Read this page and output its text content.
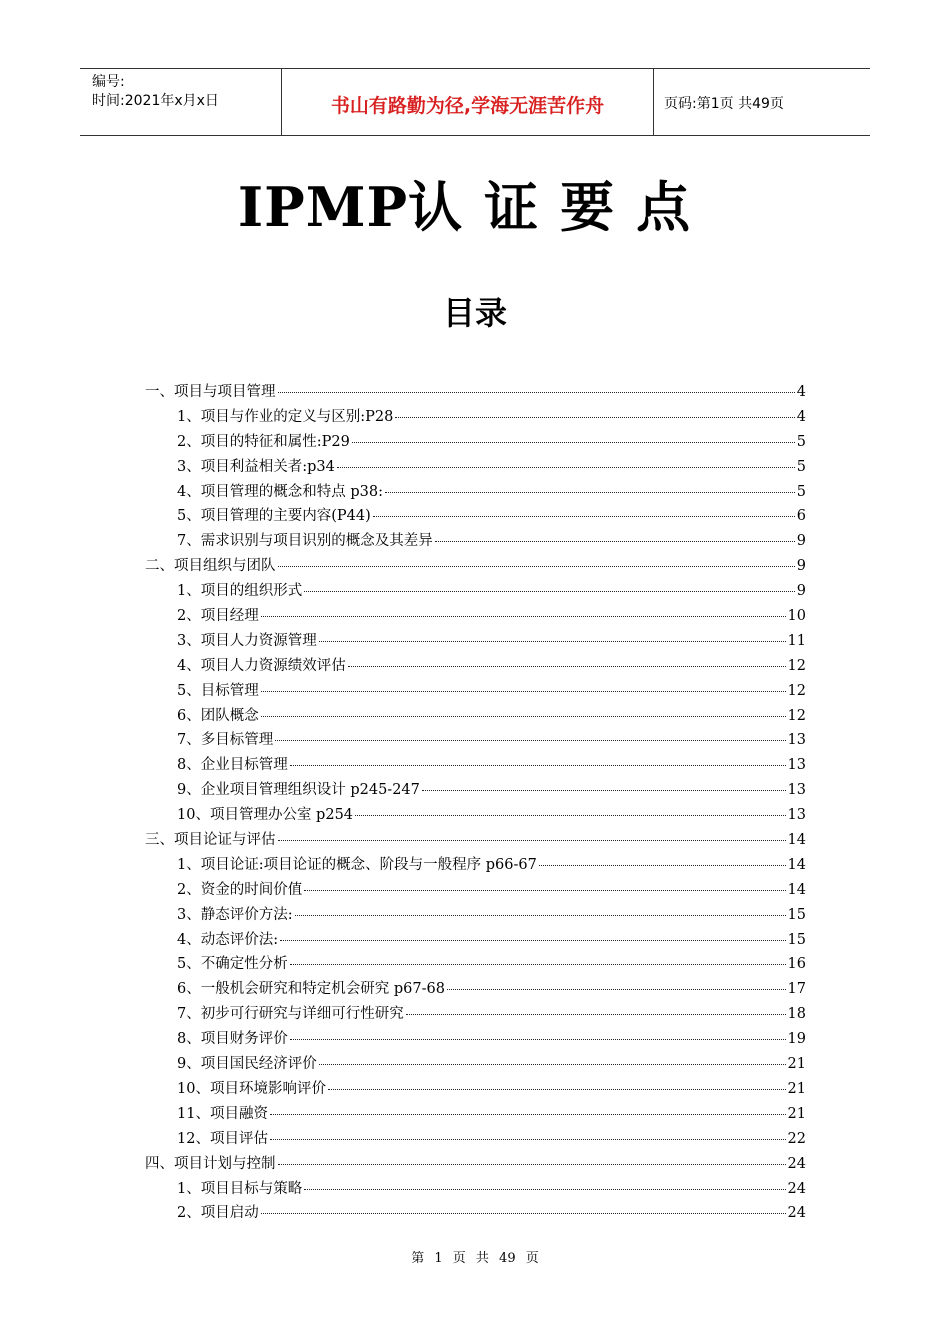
编号:
时间:2021年x月x日	书山有路勤为径,学海无涯苦作舟	页码:第1页 共49页
IPMP认证要点
目录
一、项目与项目管理	4
1、项目与作业的定义与区别:P28	4
2、项目的特征和属性:P29	5
3、项目利益相关者:p34	5
4、项目管理的概念和特点 p38:	5
5、项目管理的主要内容(P44)	6
7、需求识别与项目识别的概念及其差异	9
二、项目组织与团队	9
1、项目的组织形式	9
2、项目经理	10
3、项目人力资源管理	11
4、项目人力资源绩效评估	12
5、目标管理	12
6、团队概念	12
7、多目标管理	13
8、企业目标管理	13
9、企业项目管理组织设计 p245-247	13
10、项目管理办公室 p254	13
三、项目论证与评估	14
1、项目论证:项目论证的概念、阶段与一般程序 p66-67	14
2、资金的时间价值	14
3、静态评价方法:	15
4、动态评价法:	15
5、不确定性分析	16
6、一般机会研究和特定机会研究 p67-68	17
7、初步可行研究与详细可行性研究	18
8、项目财务评价	19
9、项目国民经济评价	21
10、项目环境影响评价	21
11、项目融资	21
12、项目评估	22
四、项目计划与控制	24
1、项目目标与策略	24
2、项目启动	24
第 1 页 共 49 页
